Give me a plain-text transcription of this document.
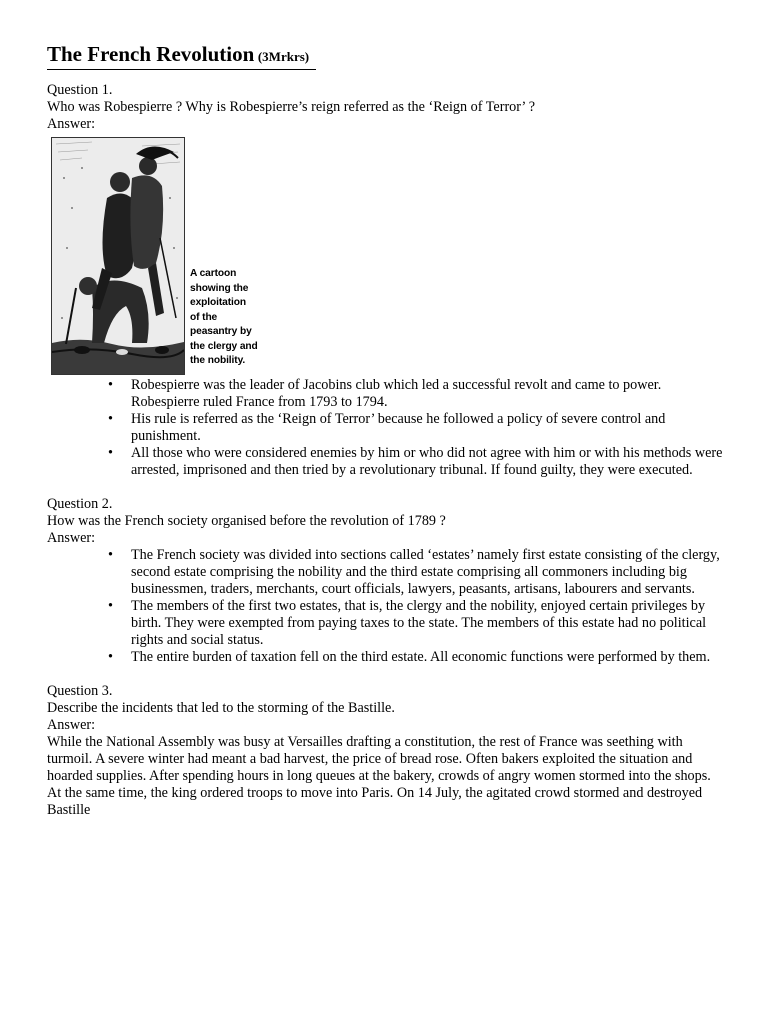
The French Revolution (3Mrkrs)

Question 1.

Who was Robespierre ? Why is Robespierre’s reign referred as the ‘Reign of Terror’ ?

Answer:

A cartoon
showing the
exploitation
of the
peasantry by
the clergy and
the nobility.
• Robespierre was the leader of Jacobins club which led a successful revolt and came to power. Robespierre ruled France from 1793 to 1794.
• His rule is referred as the ‘Reign of Terror’ because he followed a policy of severe control and punishment.
• All those who were considered enemies by him or who did not agree with him or with his methods were arrested, imprisoned and then tried by a revolutionary tribunal. If found guilty, they were executed.

Question 2.

How was the French society organised before the revolution of 1789 ?

Answer:

• The French society was divided into sections called ‘estates’ namely first estate consisting of the clergy, second estate comprising the nobility and the third estate comprising all commoners including big businessmen, traders, merchants, court officials, lawyers, peasants, artisans, labourers and servants.
• The members of the first two estates, that is, the clergy and the nobility, enjoyed certain privileges by birth. They were exempted from paying taxes to the state. The members of this estate had no political rights and social status.
• The entire burden of taxation fell on the third estate. All economic functions were performed by them.

Question 3.

Describe the incidents that led to the storming of the Bastille.

Answer:

While the National Assembly was busy at Versailles drafting a constitution, the rest of France was seething with turmoil. A severe winter had meant a bad harvest, the price of bread rose. Often bakers exploited the situation and hoarded supplies. After spending hours in long queues at the bakery, crowds of angry women stormed into the shops. At the same time, the king ordered troops to move into Paris. On 14 July, the agitated crowd stormed and destroyed Bastille
